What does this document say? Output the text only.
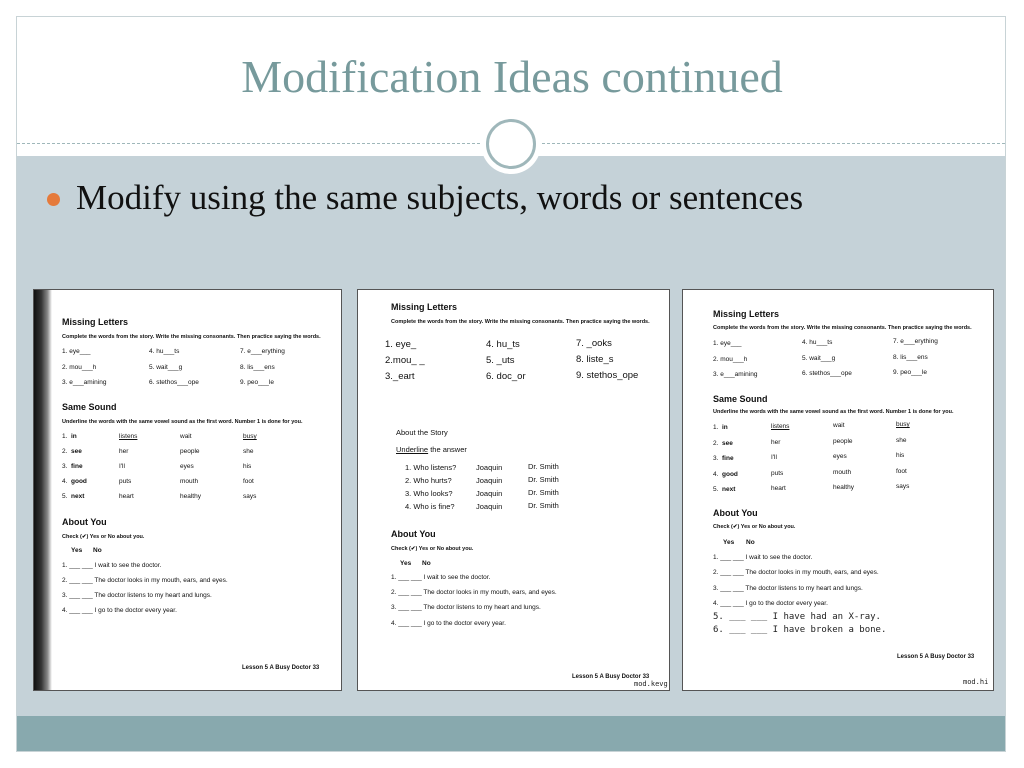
Modification Ideas continued
Modify using the same subjects, words or sentences
Missing Letters
Complete the words from the story. Write the missing consonants. Then practice saying the words.
1. eye___	4. hu___ts	7. e___erything
2. mou___h	5. wait___g	8. lis___ens
3. e___amining	6. stethos___ope	9. peo___le
Same Sound
Underline the words with the same vowel sound as the first word. Number 1 is done for you.
1. in	listens	wait	busy
2. see	her	people	she
3. fine	I'll	eyes	his
4. good	puts	mouth	foot
5. next	heart	healthy	says
About You
Check (✔) Yes or No about you.
Yes No
1. ___ ___ I wait to see the doctor.
2. ___ ___ The doctor looks in my mouth, ears, and eyes.
3. ___ ___ The doctor listens to my heart and lungs.
4. ___ ___ I go to the doctor every year.
Lesson 5 A Busy Doctor 33
Missing Letters
Complete the words from the story. Write the missing consonants. Then practice saying the words.
1. eye_	4. hu_ts	7. _ooks
2.mou_ _	5. _uts	8. liste_s
3._eart	6. doc_or	9. stethos_ope
About the Story
Underline the answer
1. Who listens?	Joaquin	Dr. Smith
2. Who hurts?	Joaquin	Dr. Smith
3. Who looks?	Joaquin	Dr. Smith
4. Who is fine?	Joaquin	Dr. Smith
About You
Check (✔) Yes or No about you.
Yes No
1. ___ ___ I wait to see the doctor.
2. ___ ___ The doctor looks in my mouth, ears, and eyes.
3. ___ ___ The doctor listens to my heart and lungs.
4. ___ ___ I go to the doctor every year.
Lesson 5 A Busy Doctor 33
mod.kevg
Missing Letters
Complete the words from the story. Write the missing consonants. Then practice saying the words.
1. eye___	4. hu___ts	7. e___erything
2. mou___h	5. wait___g	8. lis___ens
3. e___amining	6. stethos___ope	9. peo___le
Same Sound
Underline the words with the same vowel sound as the first word. Number 1 is done for you.
1. in	listens	wait	busy
2. see	her	people	she
3. fine	I'll	eyes	his
4. good	puts	mouth	foot
5. next	heart	healthy	says
About You
Check (✔) Yes or No about you.
Yes No
1. ___ ___ I wait to see the doctor.
2. ___ ___ The doctor looks in my mouth, ears, and eyes.
3. ___ ___ The doctor listens to my heart and lungs.
4. ___ ___ I go to the doctor every year.
5. ___ ___ I have had an X-ray.
6. ___ ___ I have broken a bone.
Lesson 5 A Busy Doctor 33
mod.hi
